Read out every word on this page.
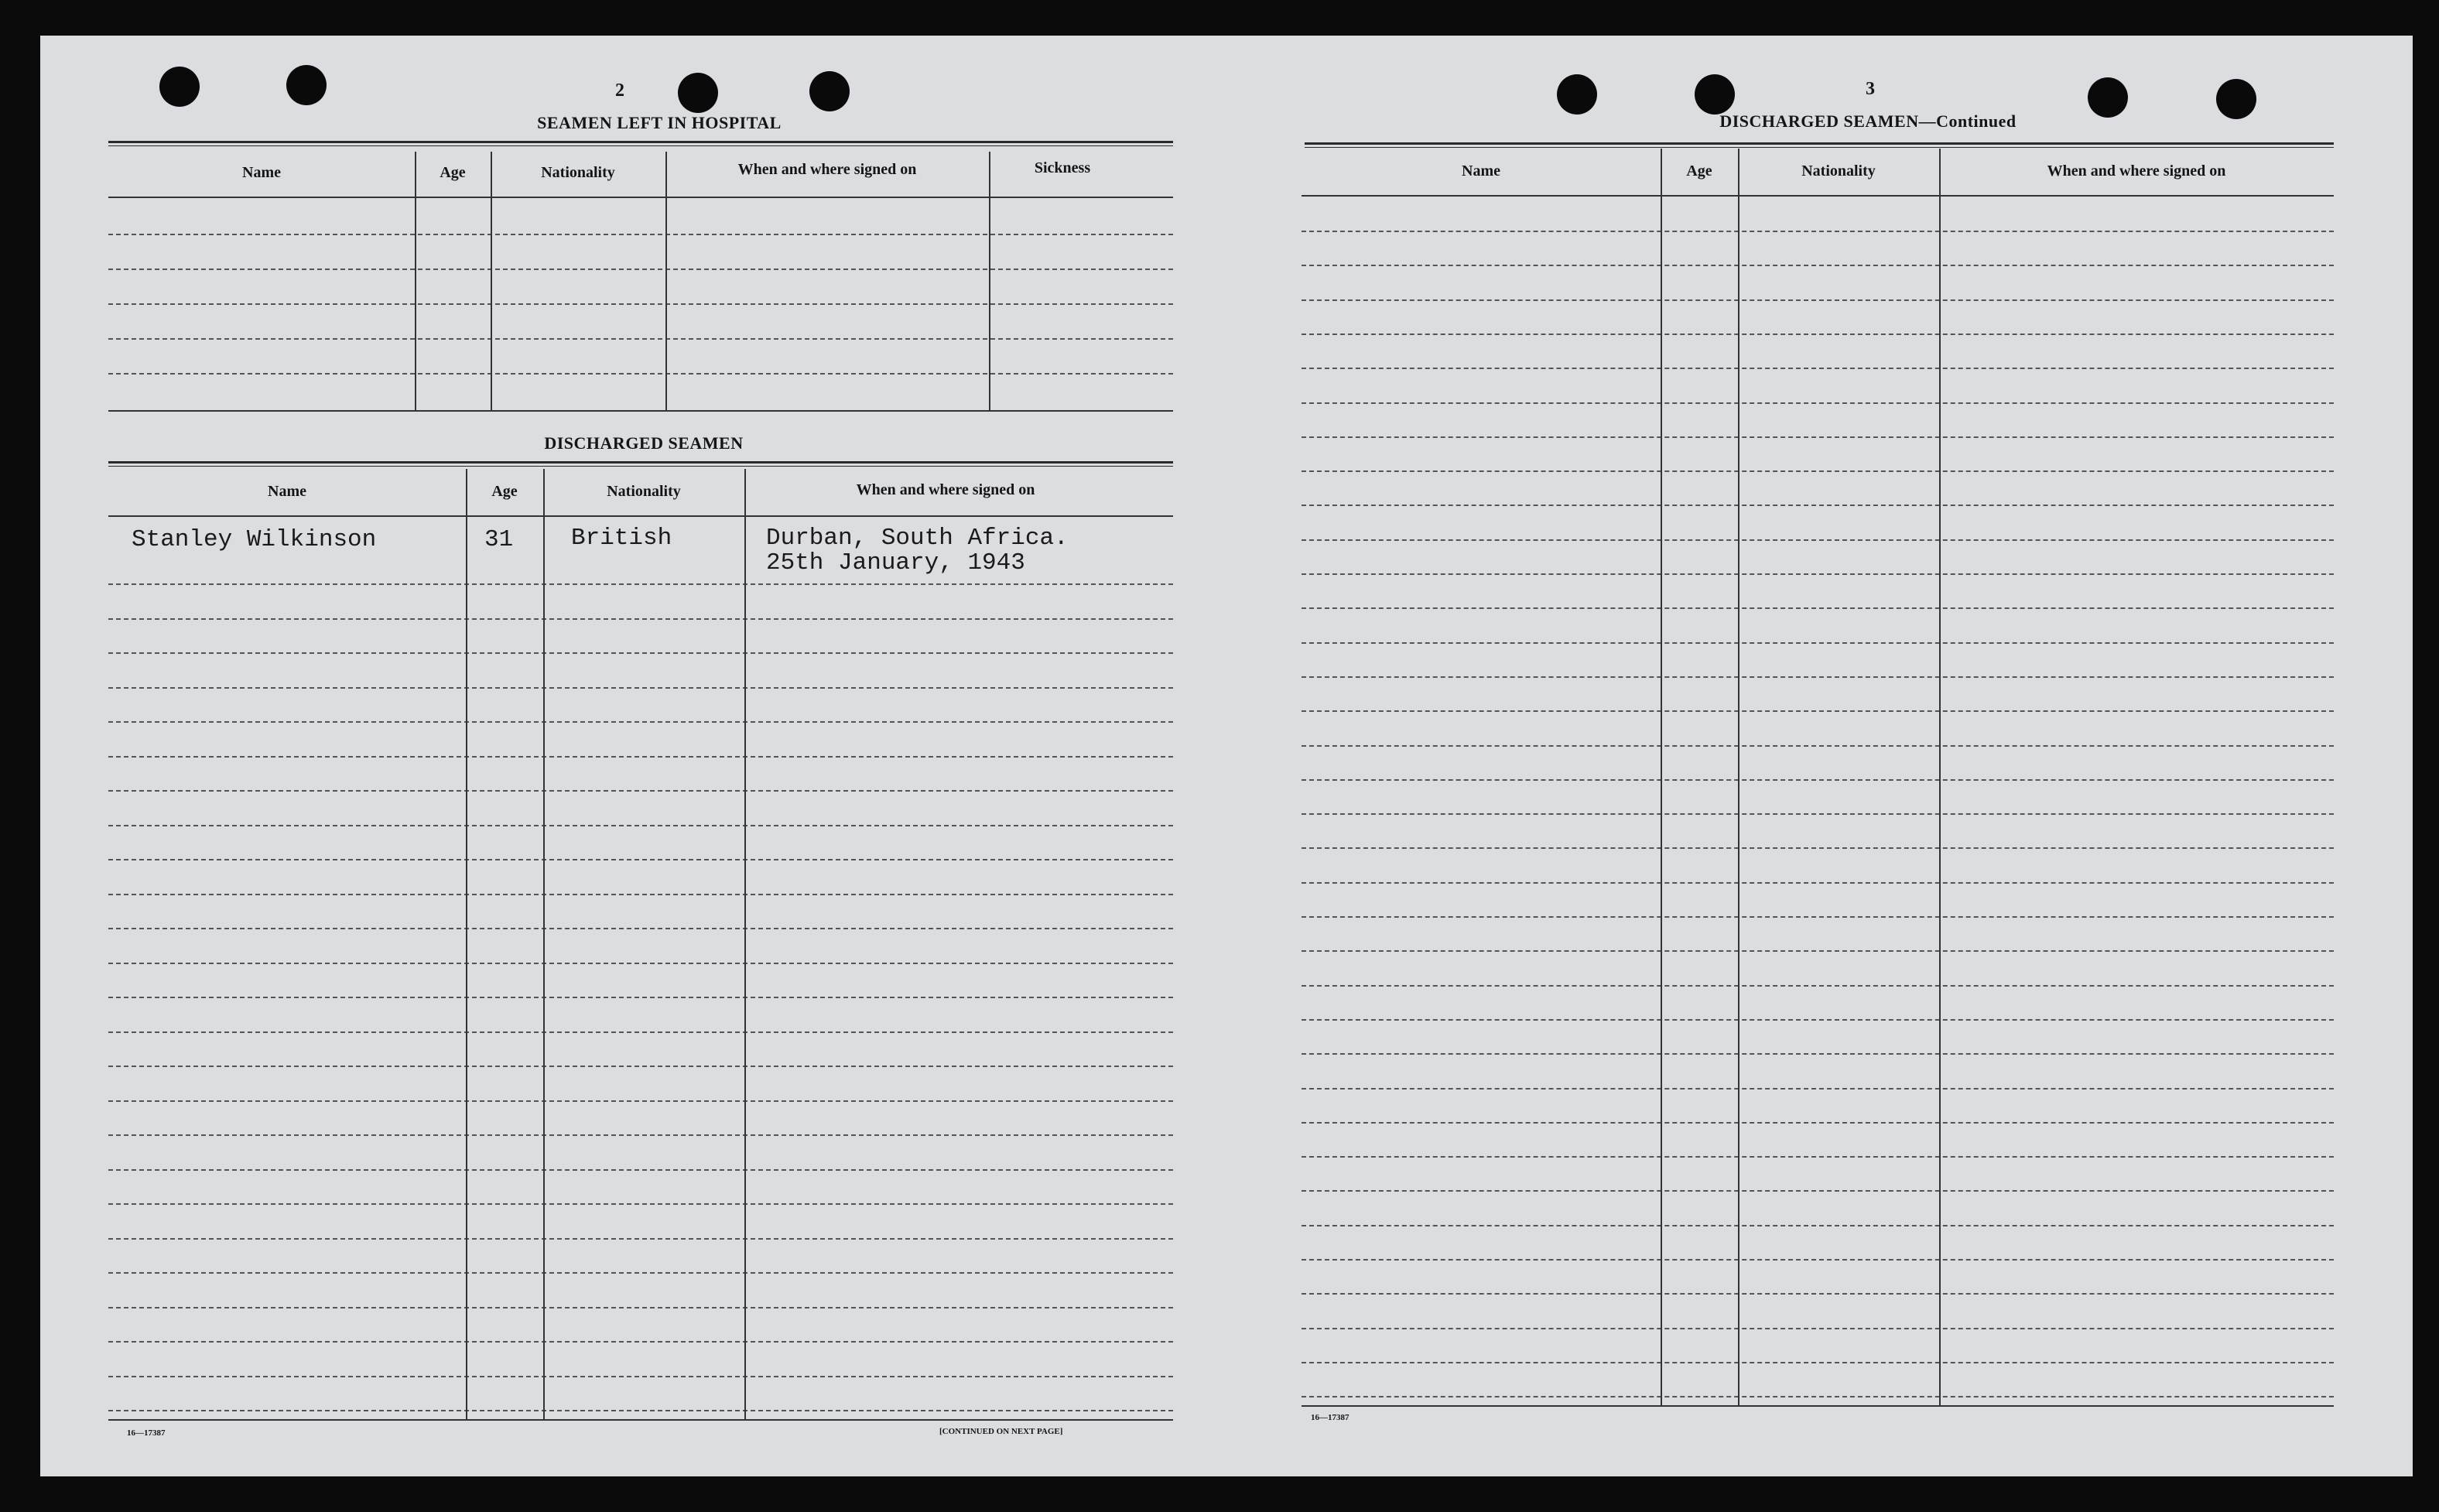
2
SEAMEN LEFT IN HOSPITAL
Name	Age	Nationality	When and where signed on	Sickness
DISCHARGED SEAMEN
Name	Age	Nationality	When and where signed on
Stanley Wilkinson	31 British	Durban, South Africa.
25th January, 1943
16—17387	[CONTINUED ON NEXT PAGE]
3
DISCHARGED SEAMEN—Continued
Name	Age	Nationality	When and where signed on
16—17387
